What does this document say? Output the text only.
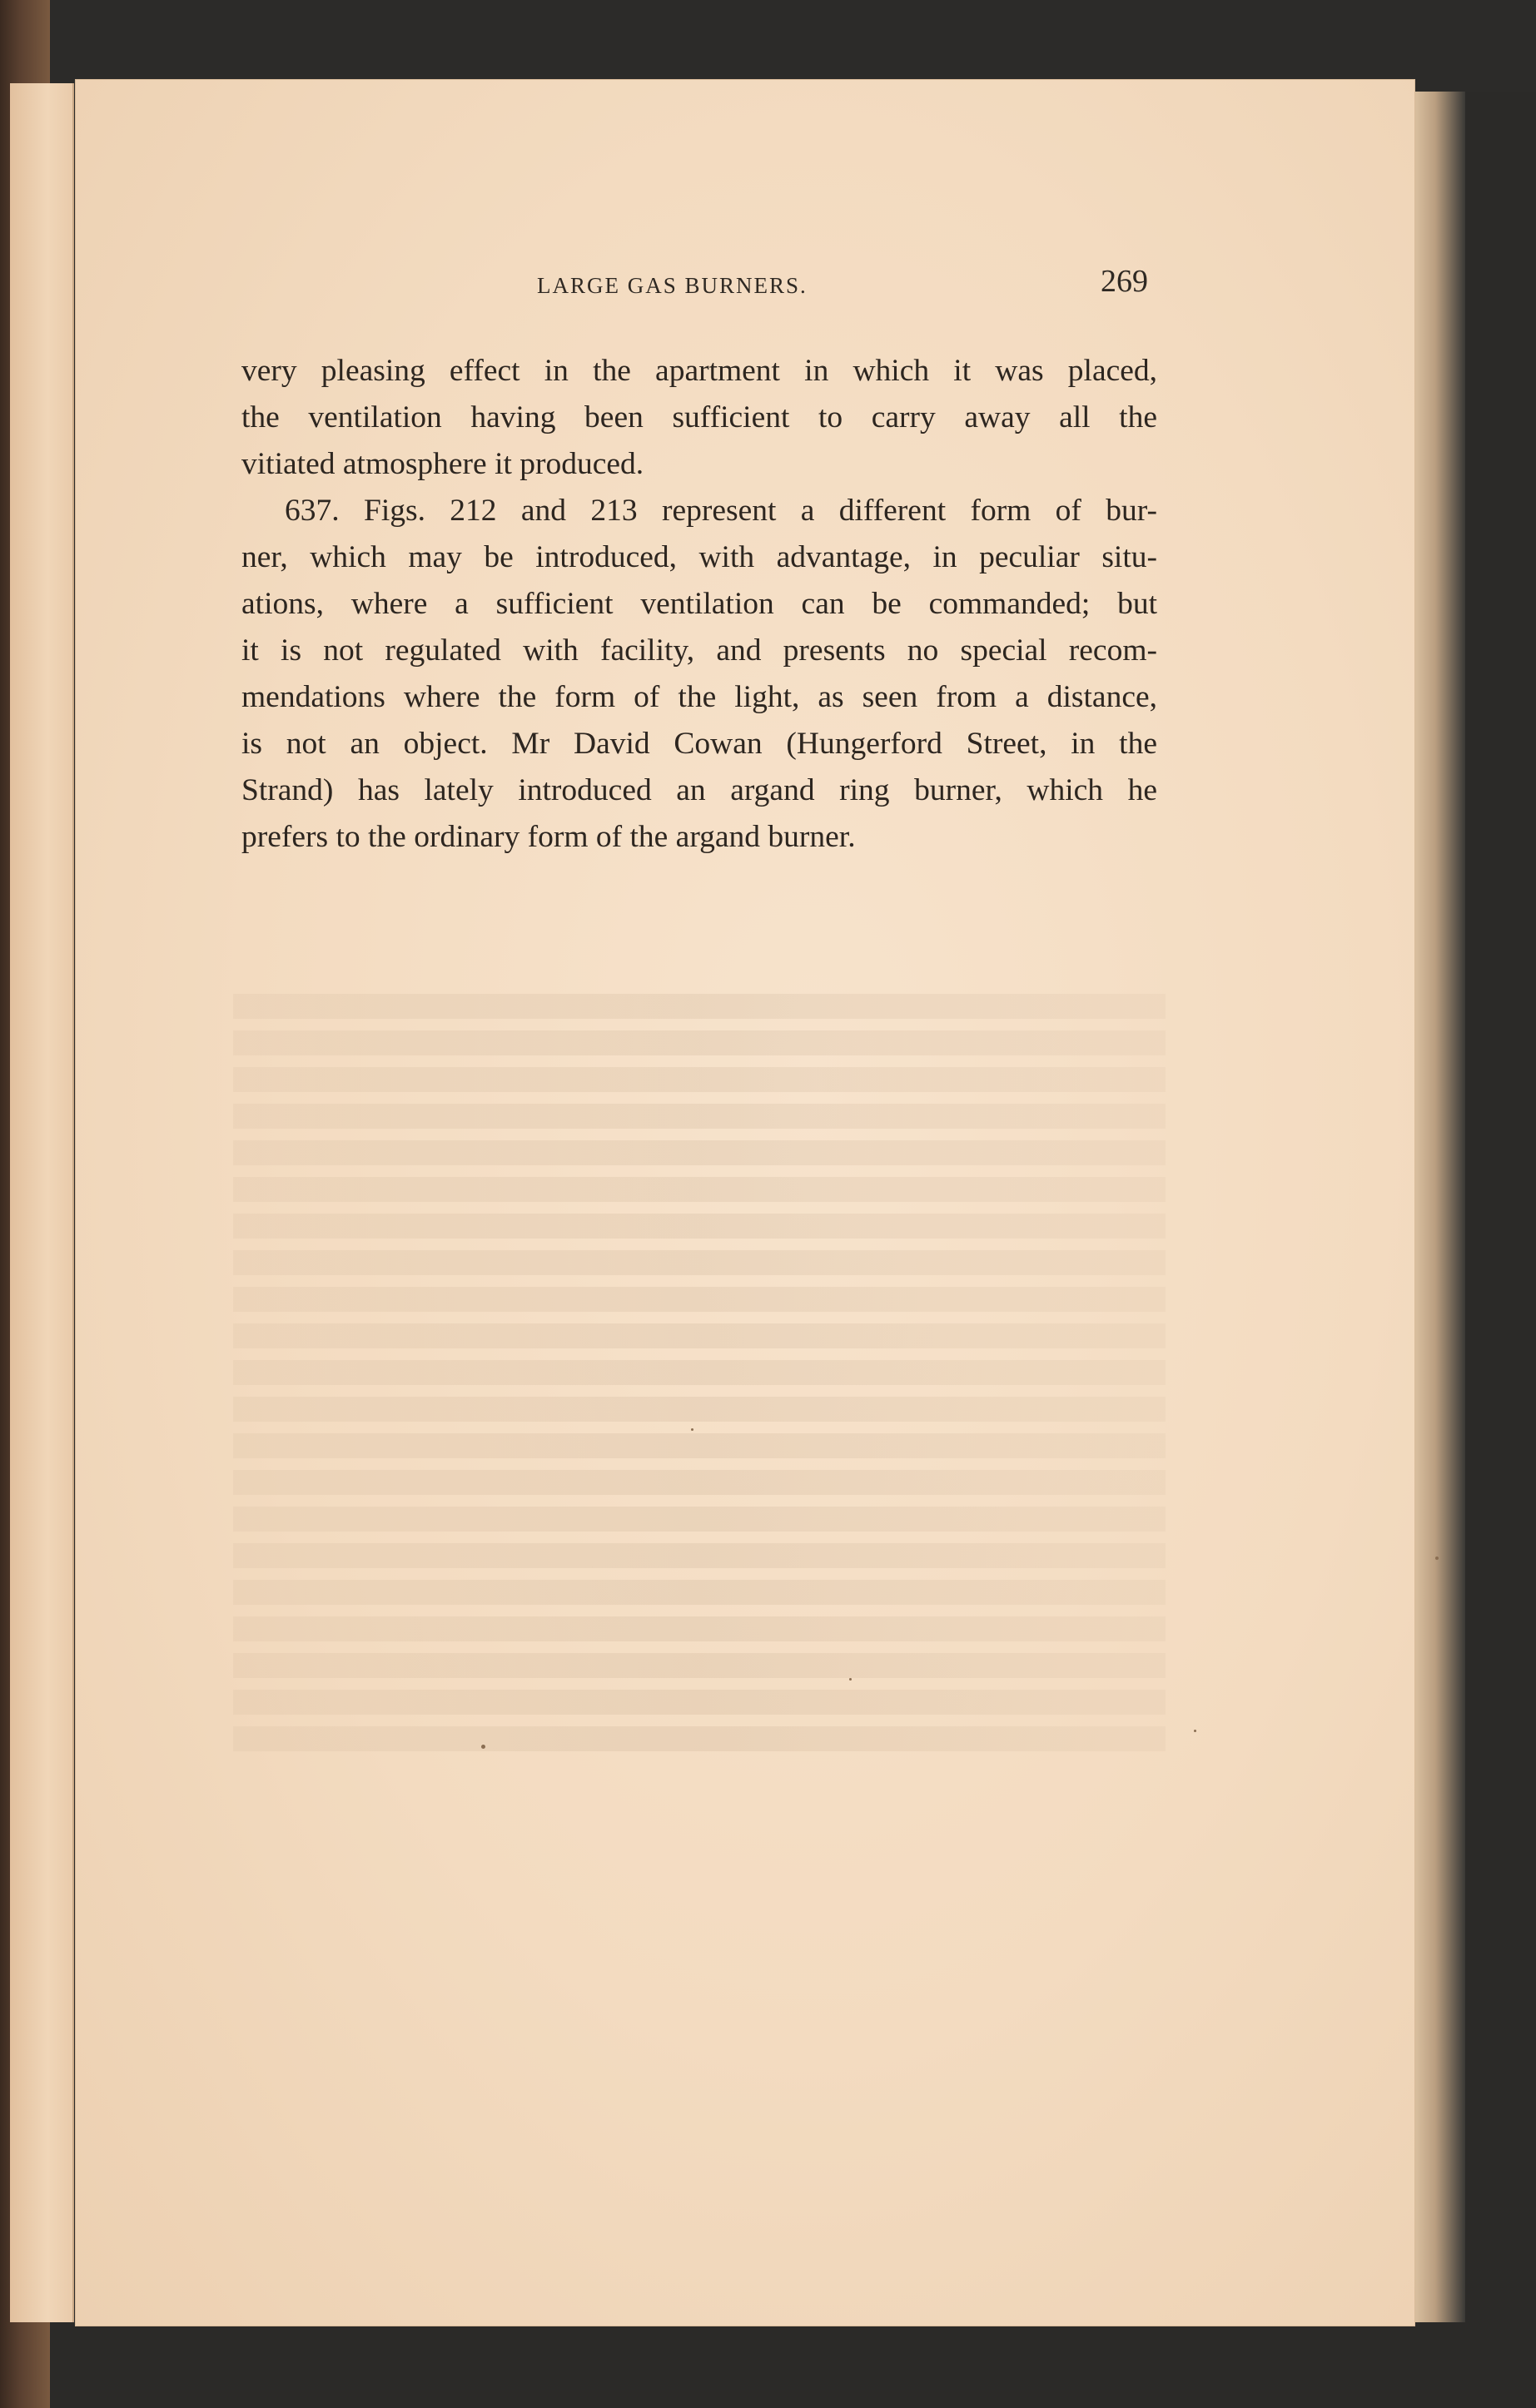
LARGE GAS BURNERS.	269
very pleasing effect in the apartment in which it was placed,
the ventilation having been sufficient to carry away all the
vitiated atmosphere it produced.
637. Figs. 212 and 213 represent a different form of bur-
ner, which may be introduced, with advantage, in peculiar situ-
ations, where a sufficient ventilation can be commanded; but
it is not regulated with facility, and presents no special recom-
mendations where the form of the light, as seen from a distance,
is not an object. Mr David Cowan (Hungerford Street, in the
Strand) has lately introduced an argand ring burner, which he
prefers to the ordinary form of the argand burner.
